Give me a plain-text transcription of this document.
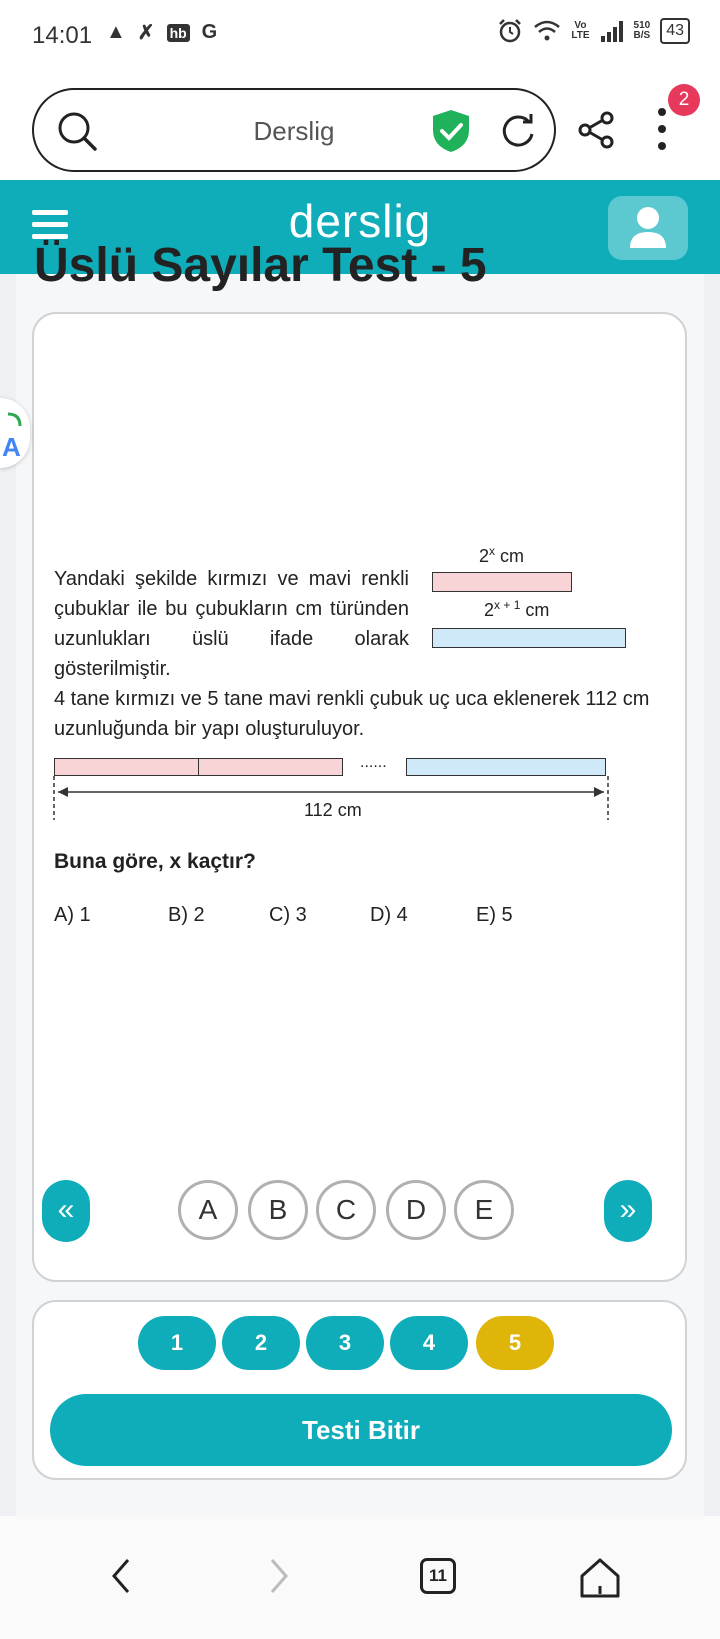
14:01 ▲ ✗ hb G	Vo
LTE
510
B/S	43
Derslig
2
derslig
Üslü Sayılar Test - 5

Yandaki şekilde kırmızı ve mavi renkli çubuklar ile bu çubukların cm türünden uzunlukları üslü ifade olarak gösterilmiştir.

2$^x$ cm
$2^{x + 1}$ cm

4 tane kırmızı ve 5 tane mavi renkli çubuk uç uca eklenerek 112 cm uzunluğunda bir yapı oluşturuluyor.

......
112 cm
Buna göre, x kaçtır?
A) 1	B) 2	C) 3	D) 4	E) 5
«	A	B	C	D	E	»
1	2	3	4	5
Testi Bitir
A
11
